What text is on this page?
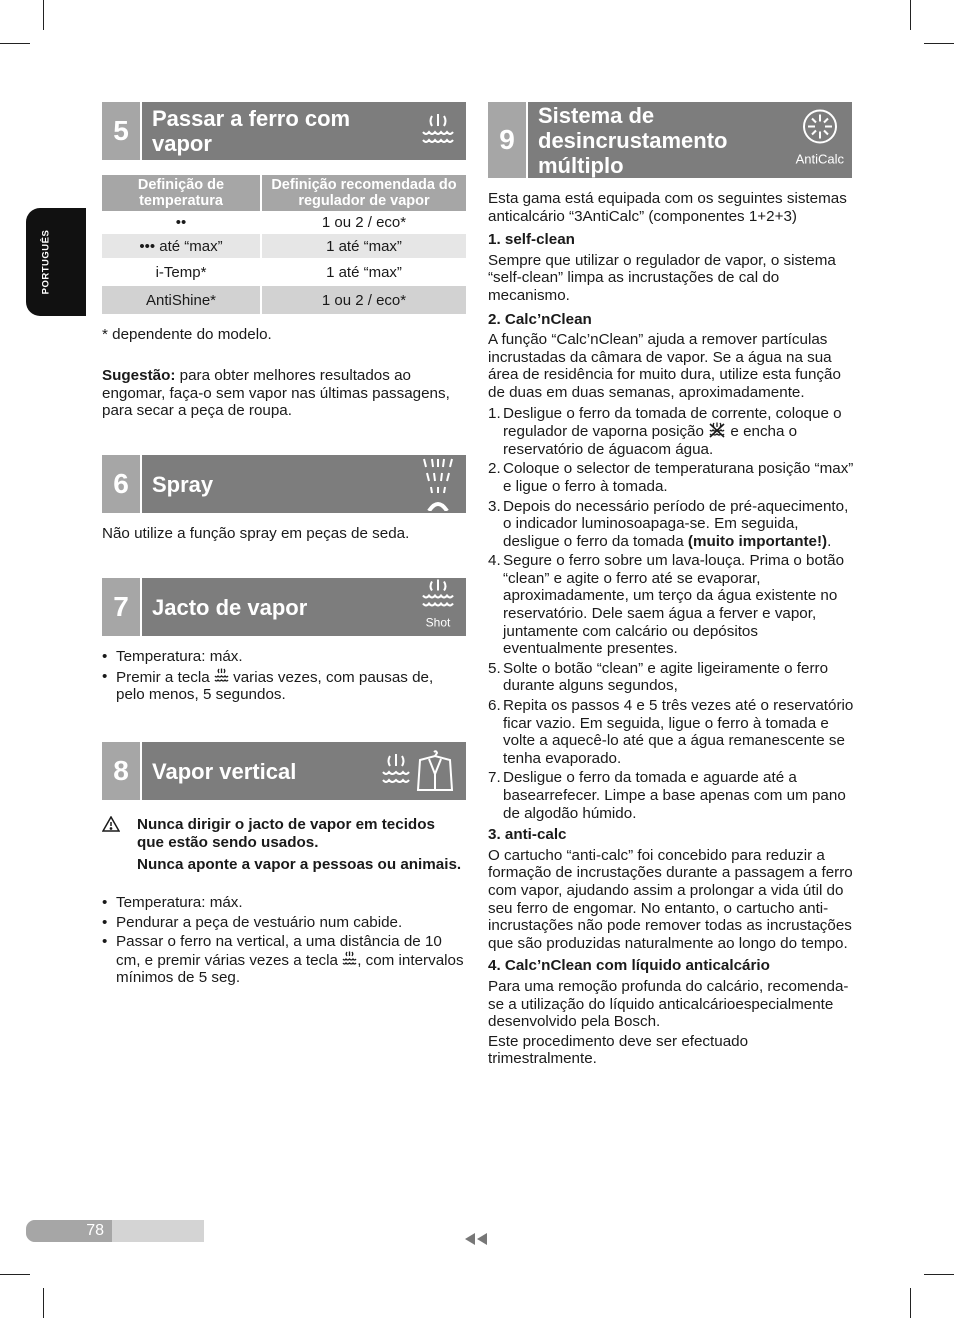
PORTUGUÊS
5	Passar a ferro com vapor
Definição de temperatura	Definição recomendada do regulador de vapor
••	1 ou 2 / eco*
••• até “max”	1 até “max”
i-Temp*	1 até “max”
AntiShine*	1 ou 2 / eco*

* dependente do modelo.

Sugestão: para obter melhores resultados ao engomar, faça-o sem vapor nas últimas passagens, para secar a peça de roupa.

6	Spray

Não utilize a função spray em peças de seda.

7	Jacto de vapor
Shot
• Temperatura: máx.
• Premir a tecla  varias vezes, com pausas de, pelo menos, 5 segundos.
8	Vapor vertical

Nunca dirigir o jacto de vapor em tecidos que estão sendo usados.

Nunca aponte a vapor a pessoas ou animais.

• Temperatura: máx.
• Pendurar a peça de vestuário num cabide.
• Passar o ferro na vertical, a uma distância de 10 cm, e premir várias vezes a tecla , com intervalos mínimos de 5 seg.
9
Sistema de desincrustamento múltiplo	AntiCalc

Esta gama está equipada com os seguintes sistemas anticalcário “3AntiCalc” (componentes 1+2+3)

1. self-clean

Sempre que utilizar o regulador de vapor, o sistema “self-clean” limpa as incrustações de cal do mecanismo.

2. Calc’nClean

A função “Calc’nClean” ajuda a remover partículas incrustadas da câmara de vapor. Se a água na sua área de residência for muito dura, utilize esta função de duas em duas semanas, aproximadamente.

1. Desligue o ferro da tomada de corrente, coloque o regulador de vaporna posição  e encha o reservatório de águacom água.
2. Coloque o selector de temperaturana posição “max” e ligue o ferro à tomada.
3. Depois do necessário período de pré-aquecimento, o indicador luminosoapaga-se. Em seguida, desligue o ferro da tomada (muito importante!).
4. Segure o ferro sobre um lava-louça. Prima o botão “clean” e agite o ferro até se evaporar, aproximadamente, um terço da água existente no reservatório. Dele saem água a ferver e vapor, juntamente com calcário ou depósitos eventualmente presentes.
5. Solte o botão “clean” e agite ligeiramente o ferro durante alguns segundos,
6. Repita os passos 4 e 5 três vezes até o reservatório ficar vazio. Em seguida, ligue o ferro à tomada e volte a aquecê-lo até que a água remanescente se tenha evaporado.
7. Desligue o ferro da tomada e aguarde até a basearrefecer. Limpe a base apenas com um pano de algodão húmido.

3. anti-calc

O cartucho “anti-calc” foi concebido para reduzir a formação de incrustações durante a passagem a ferro com vapor, ajudando assim a prolongar a vida útil do seu ferro de engomar. No entanto, o cartucho anti-incrustações não pode remover todas as incrustações que são produzidas naturalmente ao longo do tempo.

4. Calc’nClean com líquido anticalcário

Para uma remoção profunda do calcário, recomenda-se a utilização do líquido anticalcárioespecialmente desenvolvido pela Bosch.

Este procedimento deve ser efectuado trimestralmente.

78
